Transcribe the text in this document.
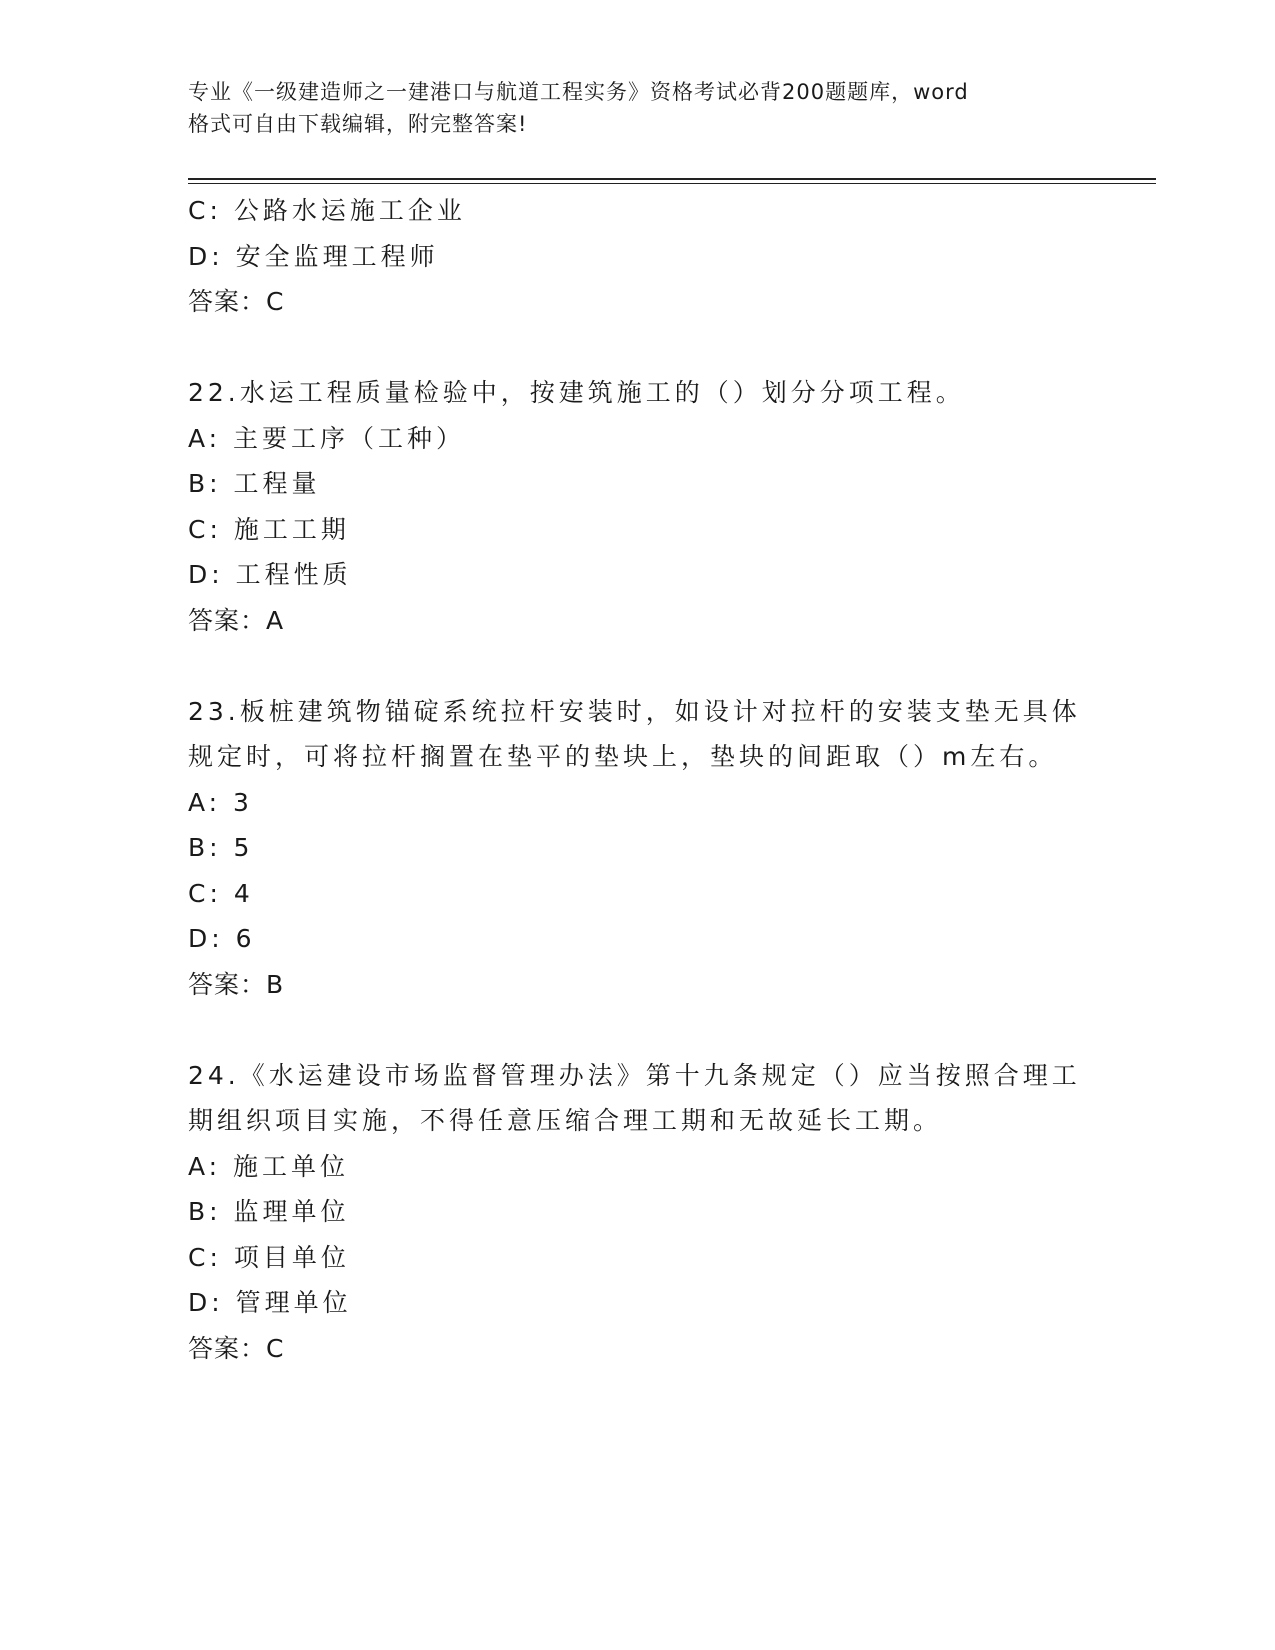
专业《一级建造师之一建港口与航道工程实务》资格考试必背200题题库，word
格式可自由下载编辑，附完整答案!
C: 公路水运施工企业
D: 安全监理工程师
答案：C
22.水运工程质量检验中，按建筑施工的（）划分分项工程。
A: 主要工序（工种）
B: 工程量
C: 施工工期
D: 工程性质
答案：A
23.板桩建筑物锚碇系统拉杆安装时，如设计对拉杆的安装支垫无具体
规定时，可将拉杆搁置在垫平的垫块上，垫块的间距取（）m左右。
A: 3
B: 5
C: 4
D: 6
答案：B
24.《水运建设市场监督管理办法》第十九条规定（）应当按照合理工
期组织项目实施，不得任意压缩合理工期和无故延长工期。
A: 施工单位
B: 监理单位
C: 项目单位
D: 管理单位
答案：C
